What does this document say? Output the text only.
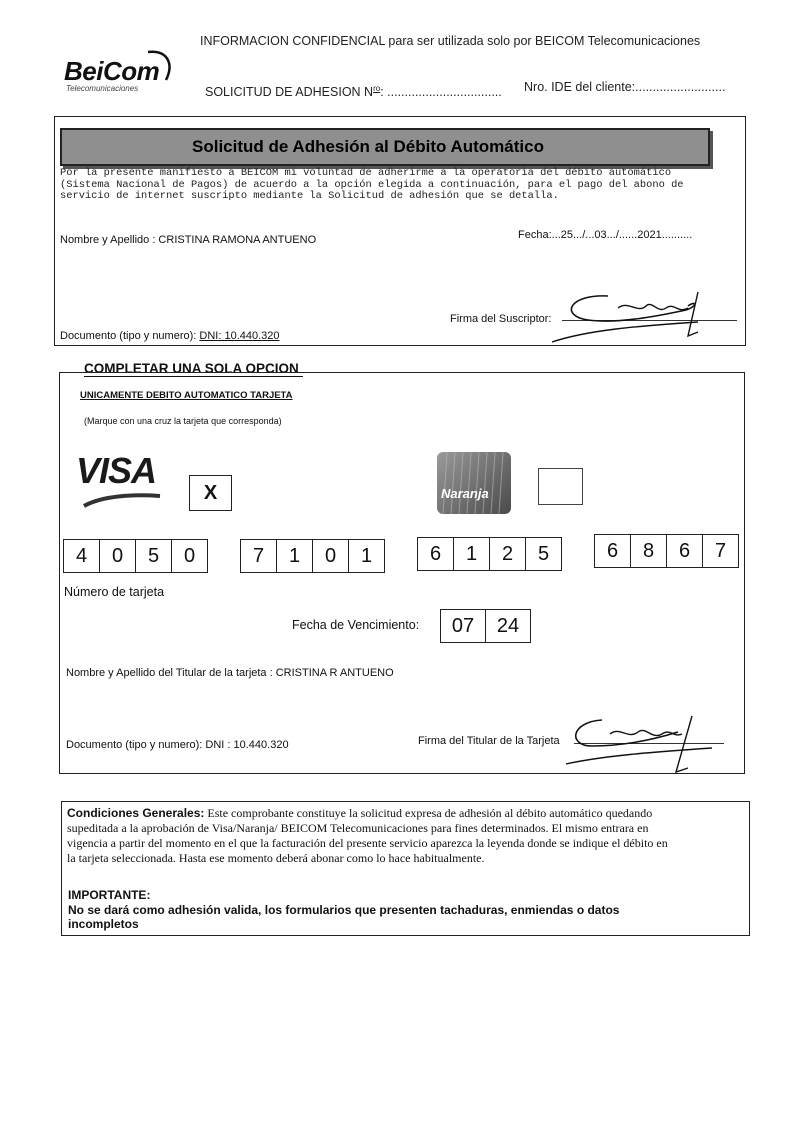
BeiCom
Telecomunicaciones
INFORMACION CONFIDENCIAL para ser utilizada solo por BEICOM Telecomunicaciones
SOLICITUD DE ADHESION $N^{ro}$: ................................. Nro. IDE del cliente:..........................
Solicitud de Adhesión al Débito Automático
Por la presente manifiesto a BEICOM mi voluntad de adherirme a la operatoria del débito automático
(Sistema Nacional de Pagos) de acuerdo a la opción elegida a continuación, para el pago del abono de
servicio de internet suscripto mediante la Solicitud de adhesión que se detalla.
Nombre y Apellido : CRISTINA RAMONA ANTUENO	Fecha:...25.../...03.../......2021..........
Firma del Suscriptor:
Documento (tipo y numero): DNI: 10.440.320
COMPLETAR UNA SOLA OPCION
UNICAMENTE DEBITO AUTOMATICO TARJETA
(Marque con una cruz la tarjeta que corresponda)
VISA
X	Naranja
4	0	5	0	7	1	0	1	6	1	2	5	6	8	6	7
Número de tarjeta
Fecha de Vencimiento:	07	24
Nombre y Apellido del Titular de la tarjeta : CRISTINA R ANTUENO
Documento (tipo y numero): DNI : 10.440.320	Firma del Titular de la Tarjeta
Condiciones Generales: Este comprobante constituye la solicitud expresa de adhesión al débito automático quedando
supeditada a la aprobación de Visa/Naranja/ BEICOM Telecomunicaciones para fines determinados. El mismo entrara en
vigencia a partir del momento en el que la facturación del presente servicio aparezca la leyenda donde se indique el débito en
la tarjeta seleccionada. Hasta ese momento deberá abonar como lo hace habitualmente.
IMPORTANTE:
No se dará como adhesión valida, los formularios que presenten tachaduras, enmiendas o datos
incompletos
